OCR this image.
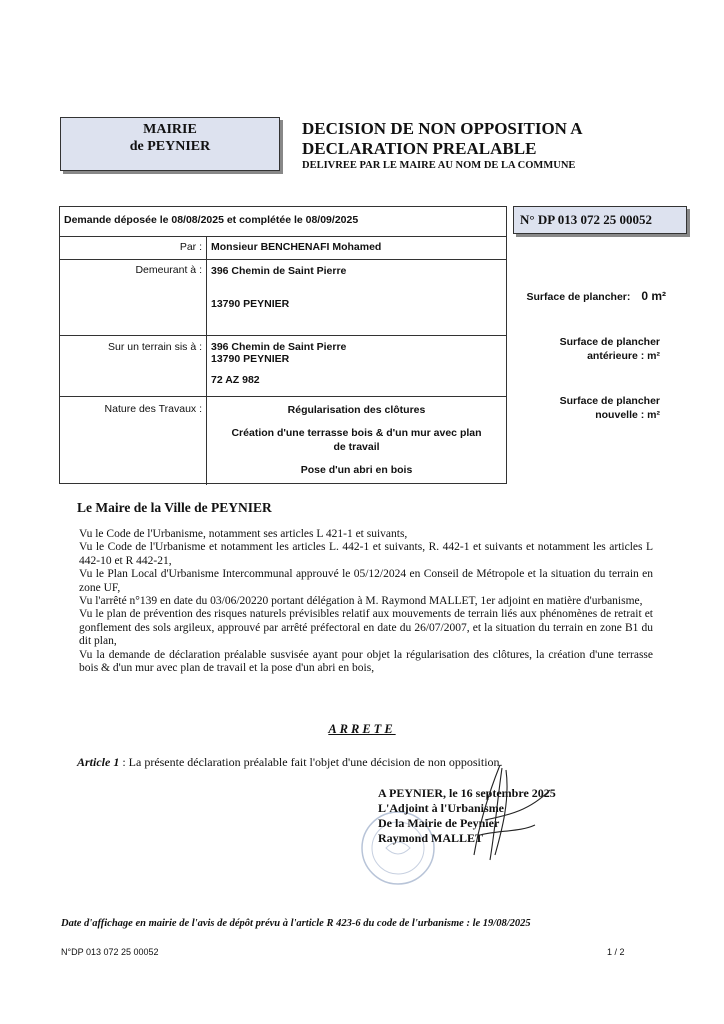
MAIRIE
de PEYNIER
DECISION DE NON OPPOSITION A
DECLARATION PREALABLE
DELIVREE PAR LE MAIRE AU NOM DE LA COMMUNE
Demande déposée le 08/08/2025 et complétée le 08/09/2025
Par : Monsieur BENCHENAFI Mohamed
Demeurant à : 396 Chemin de Saint Pierre
13790 PEYNIER
Sur un terrain sis à : 396 Chemin de Saint Pierre
13790 PEYNIER
72 AZ 982
Nature des Travaux :	Régularisation des clôtures
Création d'une terrasse bois & d'un mur avec plan
de travail
Pose d'un abri en bois
N° DP 013 072 25 00052
Surface de plancher: 0 m²
Surface de plancher
antérieure : m²
Surface de plancher
nouvelle : m²
Le Maire de la Ville de PEYNIER

Vu le Code de l'Urbanisme, notamment ses articles L 421-1 et suivants,

Vu le Code de l'Urbanisme et notamment les articles L. 442-1 et suivants, R. 442-1 et suivants et notamment les articles L 442-10 et R 442-21,

Vu le Plan Local d'Urbanisme Intercommunal approuvé le 05/12/2024 en Conseil de Métropole et la situation du terrain en zone UF,

Vu l'arrêté n°139 en date du 03/06/20220 portant délégation à M. Raymond MALLET, 1er adjoint en matière d'urbanisme,

Vu le plan de prévention des risques naturels prévisibles relatif aux mouvements de terrain liés aux phénomènes de retrait et gonflement des sols argileux, approuvé par arrêté préfectoral en date du 26/07/2007, et la situation du terrain en zone B1 du dit plan,

Vu la demande de déclaration préalable susvisée ayant pour objet la régularisation des clôtures, la création d'une terrasse bois & d'un mur avec plan de travail et la pose d'un abri en bois,

ARRETE
Article 1 : La présente déclaration préalable fait l'objet d'une décision de non opposition.
A PEYNIER, le 16 septembre 2025
L'Adjoint à l'Urbanisme
De la Mairie de Peynier
Raymond MALLET
Date d'affichage en mairie de l'avis de dépôt prévu à l'article R 423-6 du code de l'urbanisme : le 19/08/2025
N°DP 013 072 25 00052	1 / 2
